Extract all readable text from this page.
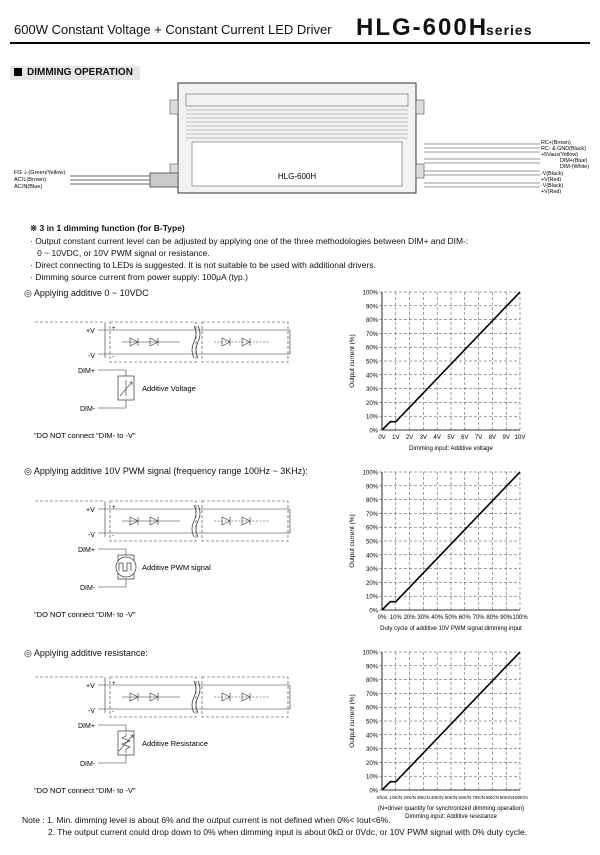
600W Constant Voltage + Constant Current LED Driver HLG-600H
series
DIMMING OPERATION
HLG-600H
FG⏚(Green/Yellow)
AC/L(Brown)
AC/N(Blue)
RC+(Brown)
RC- & GND(Black)
+5Vaux(Yellow)
DIM+(Blue)
DIM-(White)
-V(Black)
+V(Red)
-V(Black)
+V(Red)
※ 3 in 1 dimming function (for B-Type)
· Output constant current level can be adjusted by applying one of the three methodologies between DIM+ and DIM-:
0 ~ 10VDC, or 10V PWM signal or resistance.
· Direct connecting to LEDs is suggested. It is not suitable to be used with additional drivers.
· Dimming source current from power supply: 100μA (typ.)
◎ Applying additive 0 ~ 10VDC
◎ Applying additive 10V PWM signal (frequency range 100Hz ~ 3KHz):
◎ Applying additive resistance:
+
-
+V
-V
DIM+
DIM-
Additive Voltage
"DO NOT connect "DIM- to -V"
+
-
+V
-V
DIM+
DIM-
Additive PWM signal
"DO NOT connect "DIM- to -V"
+
-
+V
-V
DIM+
DIM-
Additive Resistance
"DO NOT connect "DIM- to -V"
0%
10%
20%
30%
40%
50%
60%
70%
80%
90%
100%
0V 1V 2V 3V 4V 5V 6V 7V 8V 9V 10V
Output current (%)
Dimming input: Additive voltage
0%
10%
20%
30%
40%
50%
60%
70%
80%
90%
100%
0% 10% 20% 30% 40% 50% 60% 70% 80% 90% 100%
Output current (%)
Duty cycle of additive 10V PWM signal dimming input
0%
10%
20%
30%
40%
50%
60%
70%
80%
90%
100%
Short 10K/N 20K/N 30K/N 40K/N 50K/N 60K/N 70K/N 80K/N 90K/N 100K/N
Output current (%)
(N=driver quantity for synchronized dimming operation)
Dimming input: Additive resistance
Note : 1. Min. dimming level is about 6% and the output current is not defined when 0%< Iout<6%.
2. The output current could drop down to 0% when dimming input is about 0kΩ or 0Vdc, or 10V PWM signal with 0% duty cycle.
